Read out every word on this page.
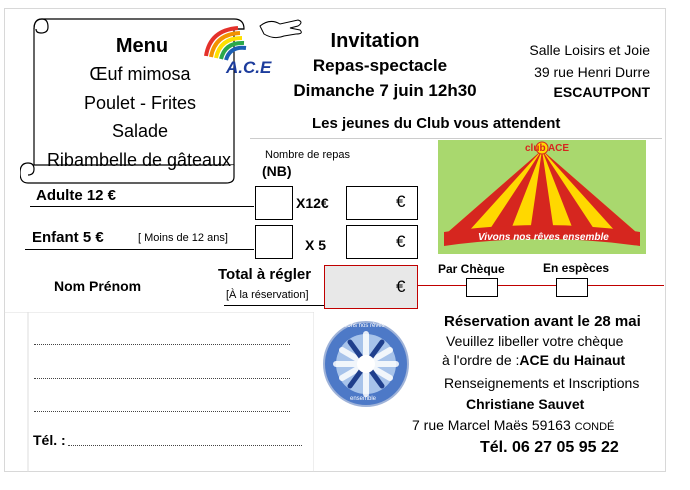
Menu
Œuf mimosa
Poulet - Frites
Salade
Ribambelle de gâteaux
A.C.E
Invitation
Repas-spectacle
Dimanche 7 juin 12h30
Salle Loisirs et Joie
39 rue Henri Durre
ESCAUTPONT
Les jeunes du Club vous attendent
club ACE
Vivons nos rêves ensemble
Nombre de repas
(NB)
Adulte 12 €	X12€	€
Enfant 5 €	[ Moins de 12 ans]	X 5	€
Total à régler
[À la réservation]	€
Par Chèque	En espèces
Nom Prénom
Tél. :
vivons nos rêves
ensemble
Réservation avant le 28 mai
Veuillez libeller votre chèque
à l'ordre de :ACE du Hainaut
Renseignements et Inscriptions
Christiane Sauvet
7 rue Marcel Maës 59163 CONDÉ
Tél. 06 27 05 95 22
